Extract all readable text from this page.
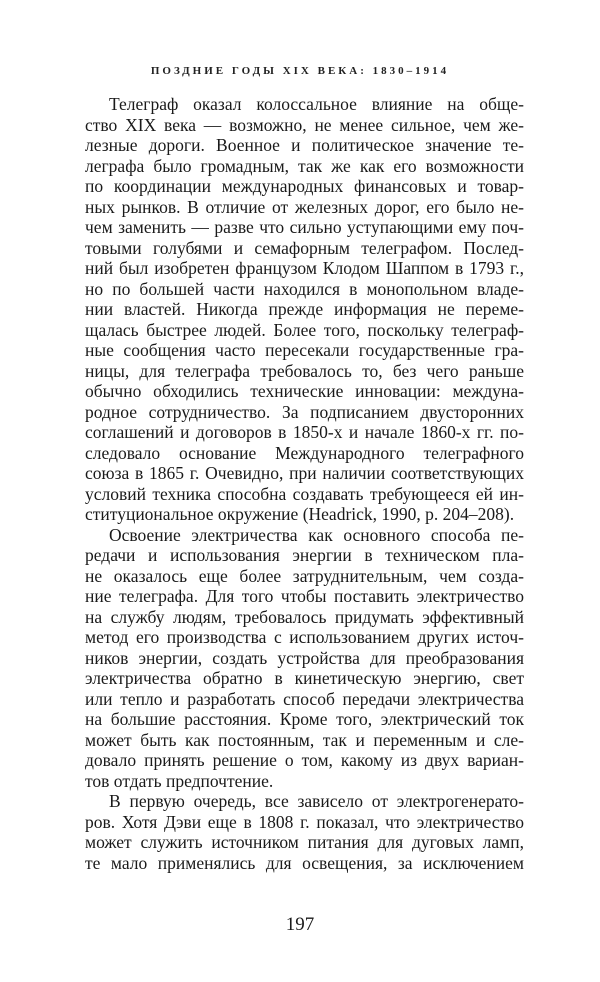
ПОЗДНИЕ ГОДЫ XIX ВЕКА: 1830–1914
Телеграф оказал колоссальное влияние на обще-
ство XIX века — возможно, не менее сильное, чем же-
лезные дороги. Военное и политическое значение те-
леграфа было громадным, так же как его возможности
по координации международных финансовых и товар-
ных рынков. В отличие от железных дорог, его было не-
чем заменить — разве что сильно уступающими ему поч-
товыми голубями и семафорным телеграфом. Послед-
ний был изобретен французом Клодом Шаппом в 1793 г.,
но по большей части находился в монопольном владе-
нии властей. Никогда прежде информация не переме-
щалась быстрее людей. Более того, поскольку телеграф-
ные сообщения часто пересекали государственные гра-
ницы, для телеграфа требовалось то, без чего раньше
обычно обходились технические инновации: междуна-
родное сотрудничество. За подписанием двусторонних
соглашений и договоров в 1850-х и начале 1860-х гг. по-
следовало основание Международного телеграфного
союза в 1865 г. Очевидно, при наличии соответствующих
условий техника способна создавать требующееся ей ин-
ституциональное окружение (Headrick, 1990, p. 204–208).
Освоение электричества как основного способа пе-
редачи и использования энергии в техническом пла-
не оказалось еще более затруднительным, чем созда-
ние телеграфа. Для того чтобы поставить электричество
на службу людям, требовалось придумать эффективный
метод его производства с использованием других источ-
ников энергии, создать устройства для преобразования
электричества обратно в кинетическую энергию, свет
или тепло и разработать способ передачи электричества
на большие расстояния. Кроме того, электрический ток
может быть как постоянным, так и переменным и сле-
довало принять решение о том, какому из двух вариан-
тов отдать предпочтение.
В первую очередь, все зависело от электрогенерато-
ров. Хотя Дэви еще в 1808 г. показал, что электричество
может служить источником питания для дуговых ламп,
те мало применялись для освещения, за исключением
197
